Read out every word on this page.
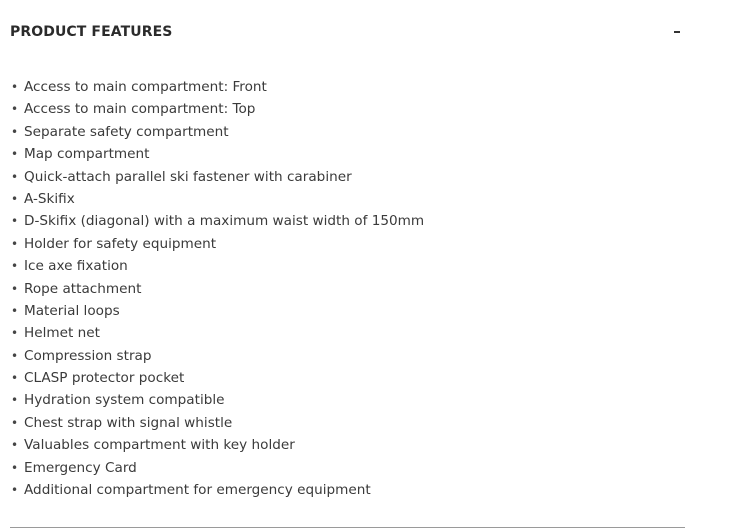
PRODUCT FEATURES
• Access to main compartment: Front
• Access to main compartment: Top
• Separate safety compartment
• Map compartment
• Quick-attach parallel ski fastener with carabiner
• A-Skifix
• D-Skifix (diagonal) with a maximum waist width of 150mm
• Holder for safety equipment
• Ice axe fixation
• Rope attachment
• Material loops
• Helmet net
• Compression strap
• CLASP protector pocket
• Hydration system compatible
• Chest strap with signal whistle
• Valuables compartment with key holder
• Emergency Card
• Additional compartment for emergency equipment
